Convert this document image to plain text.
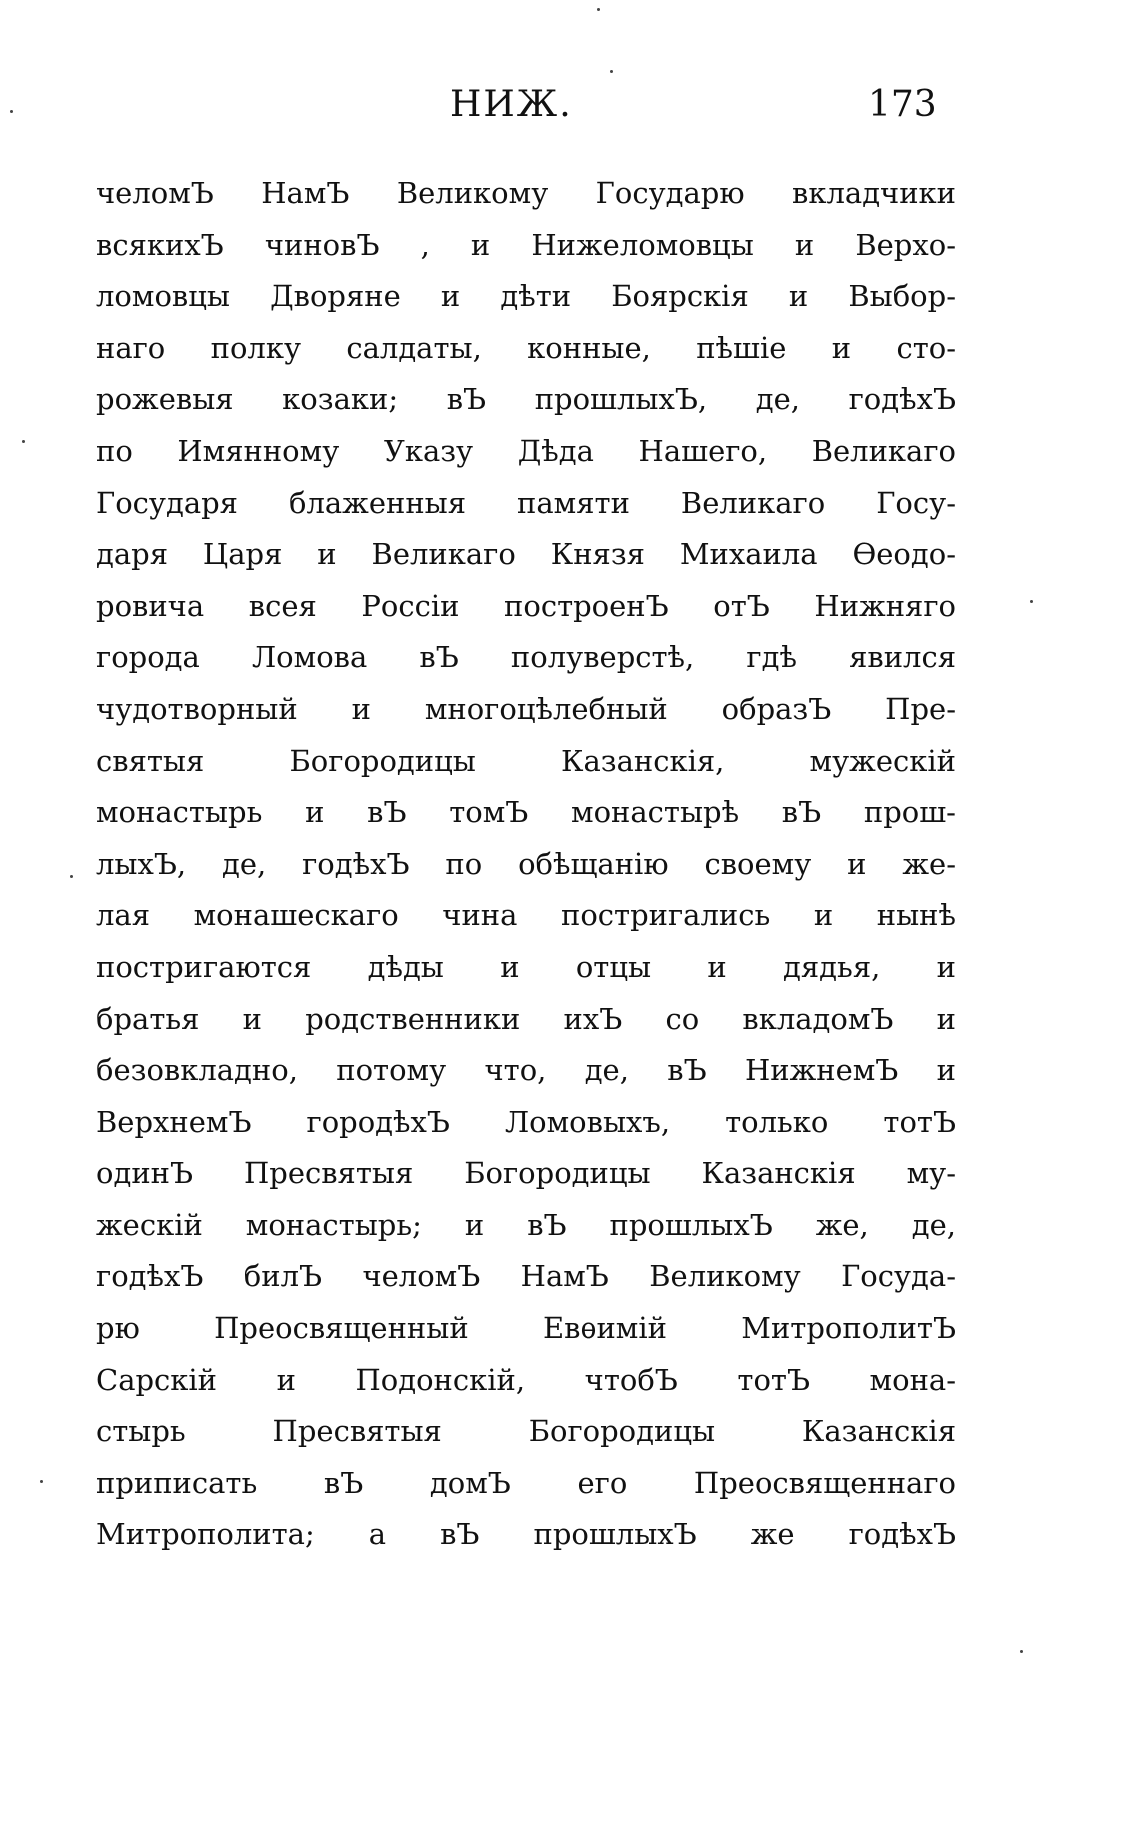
НИЖ.	173
челомЪ НамЪ Великому Государю вкладчики
всякихЪ чиновЪ , и Нижеломовцы и Верхо-
ломовцы Дворяне и дѣти Боярскія и Выбор-
наго полку салдаты, конные, пѣшіе и сто-
рожевыя козаки; вЪ прошлыхЪ, де, годѣхЪ
по Имянному Указу Дѣда Нашего, Великаго
Государя блаженныя памяти Великаго Госу-
даря Царя и Великаго Князя Михаила Ѳеодо-
ровича всея Россіи построенЪ отЪ Нижняго
города Ломова вЪ полуверстѣ, гдѣ явился
чудотворный и многоцѣлебный образЪ Пре-
святыя Богородицы Казанскія, мужескій
монастырь и вЪ томЪ монастырѣ вЪ прош-
лыхЪ, де, годѣхЪ по обѣщанію своему и же-
лая монашескаго чина постригались и нынѣ
постригаются дѣды и отцы и дядья, и
братья и родственники ихЪ со вкладомЪ и
безовкладно, потому что, де, вЪ НижнемЪ и
ВерхнемЪ городѣхЪ Ломовыхъ, только тотЪ
одинЪ Пресвятыя Богородицы Казанскія му-
жескій монастырь; и вЪ прошлыхЪ же, де,
годѣхЪ билЪ челомЪ НамЪ Великому Госуда-
рю Преосвященный Евѳимій МитрополитЪ
Сарскій и Подонскій, чтобЪ тотЪ мона-
стырь Пресвятыя Богородицы Казанскія
приписать вЪ домЪ его Преосвященнаго
Митрополита; а вЪ прошлыхЪ же годѣхЪ
